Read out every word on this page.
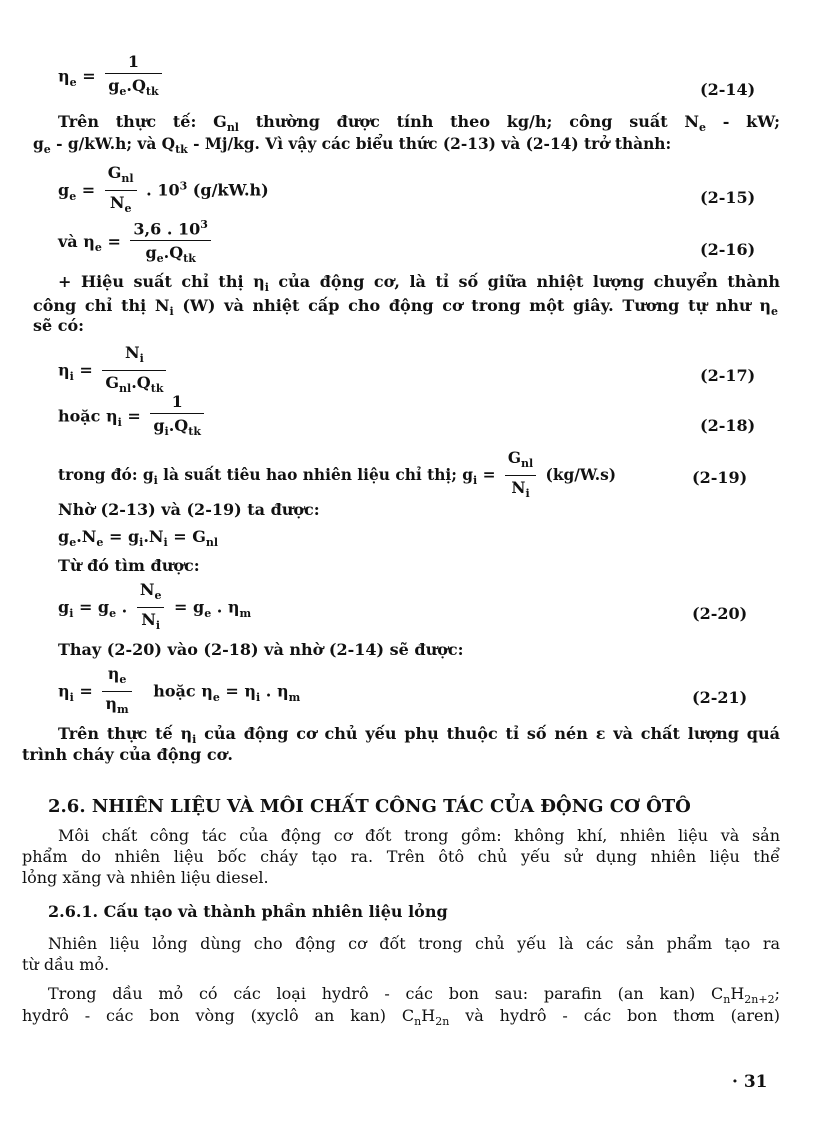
$\eta_e = \frac{1}{g_e.Q_{tk}}$	(2-14)
Trên thực tế: $G_{nl}$ thường được tính theo kg/h; công suất $N_e$ - kW;
$g_e - g/kW.h$; và $Q_{tk} - Mj/kg$. Vì vậy các biểu thức (2-13) và (2-14) trở thành:
$g_e = \frac{G_{nl}}{N_e}$ . $10^3$ (g/kW.h)	(2-15)
và $\eta_e = \frac{3,6 . 10^3}{g_e.Q_{tk}}$	(2-16)
+ Hiệu suất chỉ thị $\eta_i$ của động cơ, là tỉ số giữa nhiệt lượng chuyển thành
công chỉ thị $N_i$ (W) và nhiệt cấp cho động cơ trong một giây. Tương tự như $\eta_e$
sẽ có:
$\eta_i = \frac{N_i}{G_{nl}.Q_{tk}}$	(2-17)
hoặc $\eta_i = \frac{1}{g_i.Q_{tk}}$	(2-18)
trong đó: $g_i$ là suất tiêu hao nhiên liệu chỉ thị; $g_i = \frac{G_{nl}}{N_i} (kg/W.s)$	(2-19)
Nhờ (2-13) và (2-19) ta được:
$g_e.N_e = g_i.N_i = G_{nl}$
Từ đó tìm được:
$g_i = g_e$ . $\frac{N_e}{N_i} = g_e$ . $\eta_m$	(2-20)
Thay (2-20) vào (2-18) và nhờ (2-14) sẽ được:
$\eta_i = \frac{\eta_e}{\eta_m}$ hoặc $\eta_e = \eta_i$ . $\eta_m$	(2-21)
Trên thực tế $\eta_i$ của động cơ chủ yếu phụ thuộc tỉ số nén ε và chất lượng quá
trình cháy của động cơ.
2.6. NHIÊN LIỆU VÀ MÔI CHẤT CÔNG TÁC CỦA ĐỘNG CƠ ÔTÔ
Môi chất công tác của động cơ đốt trong gồm: không khí, nhiên liệu và sản
phẩm do nhiên liệu bốc cháy tạo ra. Trên ôtô chủ yếu sử dụng nhiên liệu thể
lỏng xăng và nhiên liệu diesel.
2.6.1. Cấu tạo và thành phần nhiên liệu lỏng
Nhiên liệu lỏng dùng cho động cơ đốt trong chủ yếu là các sản phẩm tạo ra
từ dầu mỏ.
Trong dầu mỏ có các loại hydrô - các bon sau: parafin (an kan) $C_nH_{2n+2}$;
hydrô - các bon vòng (xyclô an kan) $C_nH_{2n}$ và hydrô - các bon thơm (aren)
· 31
